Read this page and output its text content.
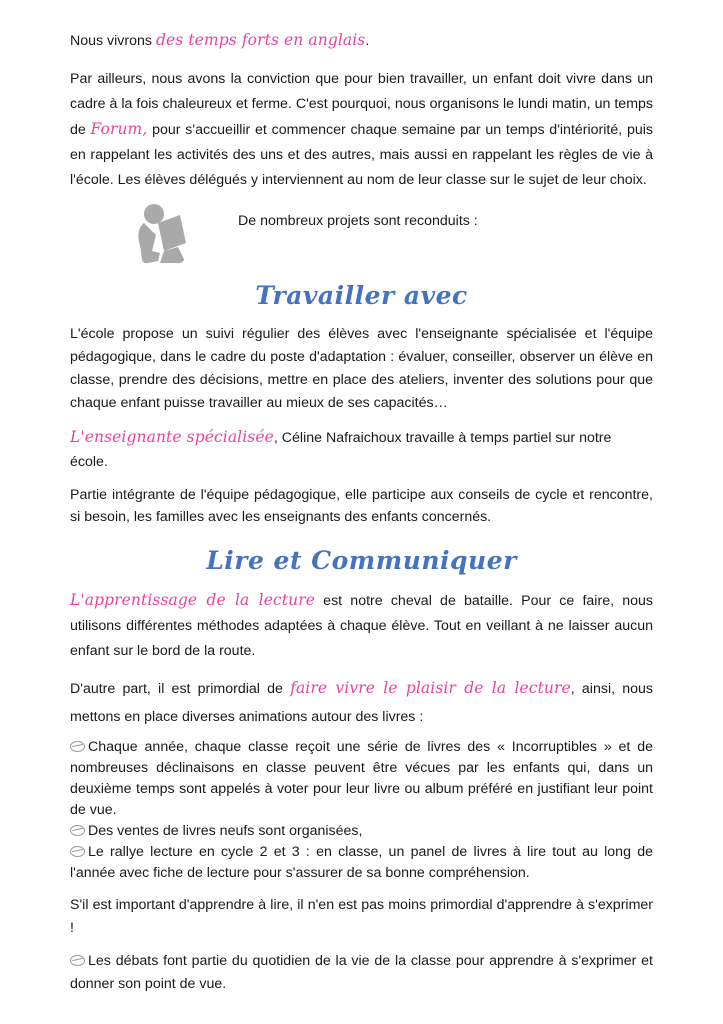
Nous vivrons des temps forts en anglais.

Par ailleurs, nous avons la conviction que pour bien travailler, un enfant doit vivre dans un cadre à la fois chaleureux et ferme. C'est pourquoi, nous organisons le lundi matin, un temps de Forum, pour s'accueillir et commencer chaque semaine par un temps d'intériorité, puis en rappelant les activités des uns et des autres, mais aussi en rappelant les règles de vie à l'école. Les élèves délégués y interviennent au nom de leur classe sur le sujet de leur choix.

De nombreux projets sont reconduits :
Travailler avec

L'école propose un suivi régulier des élèves avec l'enseignante spécialisée et l'équipe pédagogique, dans le cadre du poste d'adaptation : évaluer, conseiller, observer un élève en classe, prendre des décisions, mettre en place des ateliers, inventer des solutions pour que chaque enfant puisse travailler au mieux de ses capacités…

L'enseignante spécialisée, Céline Nafraichoux travaille à temps partiel sur notre école.

Partie intégrante de l'équipe pédagogique, elle participe aux conseils de cycle et rencontre, si besoin, les familles avec les enseignants des enfants concernés.

Lire et Communiquer

L'apprentissage de la lecture est notre cheval de bataille. Pour ce faire, nous utilisons différentes méthodes adaptées à chaque élève. Tout en veillant à ne laisser aucun enfant sur le bord de la route.

D'autre part, il est primordial de faire vivre le plaisir de la lecture, ainsi, nous mettons en place diverses animations autour des livres :

Chaque année, chaque classe reçoit une série de livres des « Incorruptibles » et de nombreuses déclinaisons en classe peuvent être vécues par les enfants qui, dans un deuxième temps sont appelés à voter pour leur livre ou album préféré en justifiant leur point de vue.

Des ventes de livres neufs sont organisées,

Le rallye lecture en cycle 2 et 3 : en classe, un panel de livres à lire tout au long de l'année avec fiche de lecture pour s'assurer de sa bonne compréhension.

S'il est important d'apprendre à lire, il n'en est pas moins primordial d'apprendre à s'exprimer !

Les débats font partie du quotidien de la vie de la classe pour apprendre à s'exprimer et donner son point de vue.
